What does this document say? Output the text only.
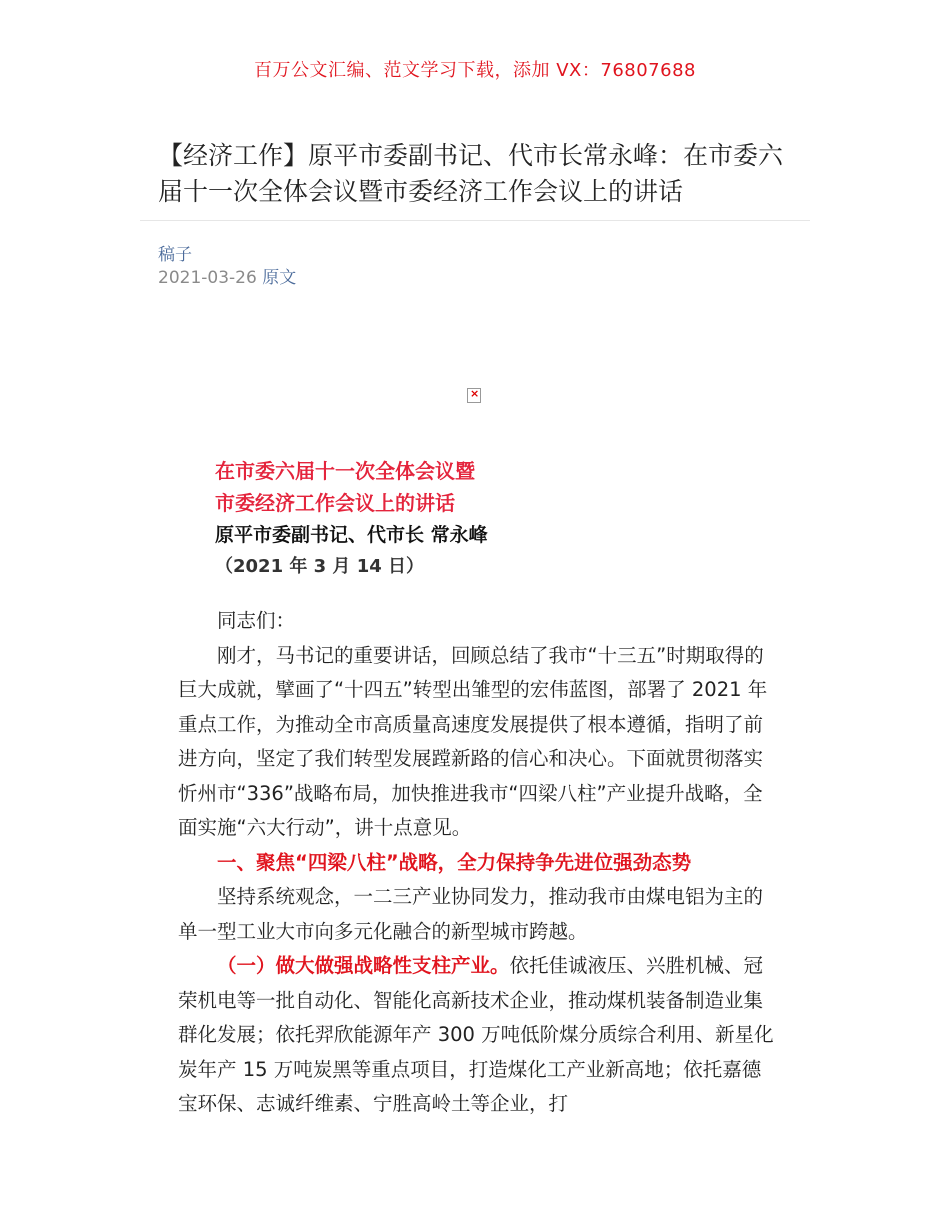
百万公文汇编、范文学习下载，添加 VX：76807688
【经济工作】原平市委副书记、代市长常永峰：在市委六届十一次全体会议暨市委经济工作会议上的讲话
稿子
2021-03-26 原文
×
在市委六届十一次全体会议暨
市委经济工作会议上的讲话
原平市委副书记、代市长 常永峰
（2021 年 3 月 14 日）

同志们：

刚才，马书记的重要讲话，回顾总结了我市“十三五”时期取得的巨大成就，擘画了“十四五”转型出雏型的宏伟蓝图，部署了 2021 年重点工作，为推动全市高质量高速度发展提供了根本遵循，指明了前进方向，坚定了我们转型发展蹚新路的信心和决心。下面就贯彻落实忻州市“336”战略布局，加快推进我市“四梁八柱”产业提升战略，全面实施“六大行动”，讲十点意见。

一、聚焦“四梁八柱”战略，全力保持争先进位强劲态势

坚持系统观念，一二三产业协同发力，推动我市由煤电铝为主的单一型工业大市向多元化融合的新型城市跨越。

（一）做大做强战略性支柱产业。依托佳诚液压、兴胜机械、冠荣机电等一批自动化、智能化高新技术企业，推动煤机装备制造业集群化发展；依托羿欣能源年产 300 万吨低阶煤分质综合利用、新星化炭年产 15 万吨炭黑等重点项目，打造煤化工产业新高地；依托嘉德宝环保、志诚纤维素、宁胜高岭土等企业，打
